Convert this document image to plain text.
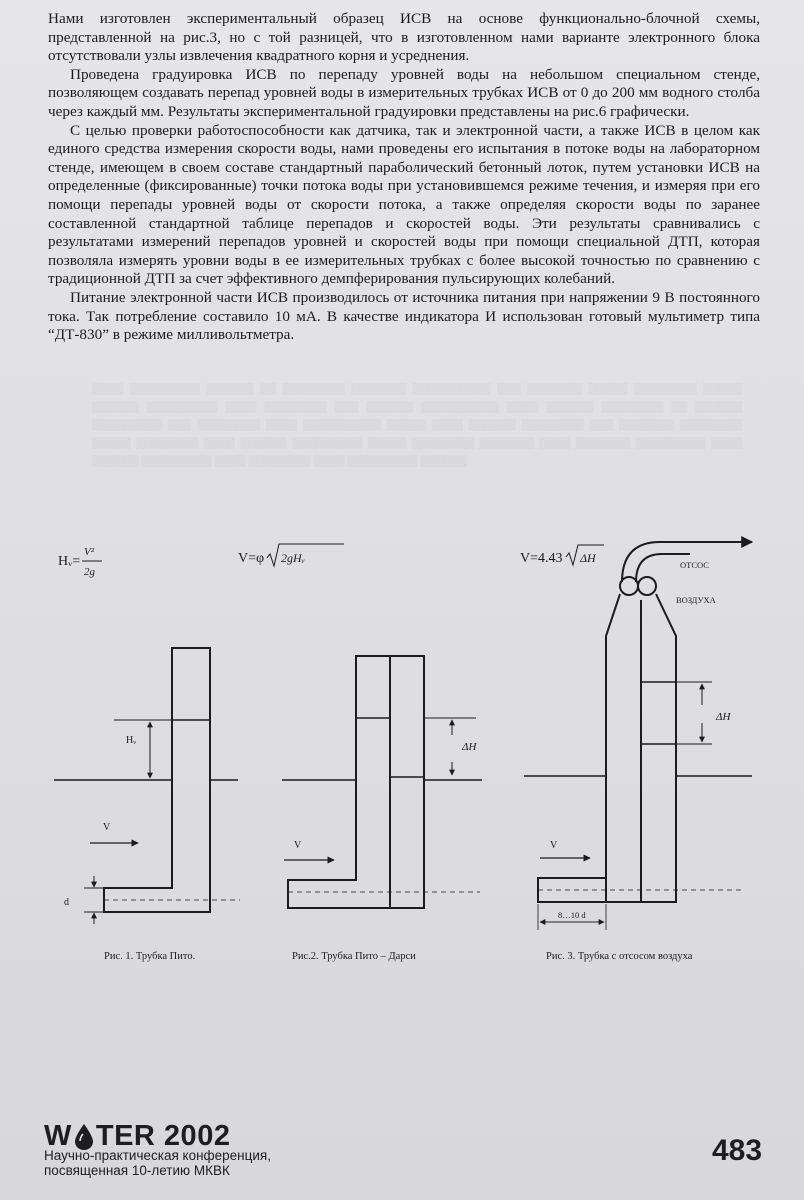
▒▒▒▒ ▒▒▒▒▒▒▒▒▒ ▒▒▒▒▒▒ ▒▒ ▒▒▒▒▒▒▒▒ ▒▒▒▒▒▒▒ ▒▒▒▒▒▒▒▒▒▒ ▒▒▒ ▒▒▒▒▒▒▒ ▒▒▒▒▒ ▒▒▒▒▒▒▒▒ ▒▒▒▒▒ ▒▒▒▒▒▒ ▒▒▒▒▒▒▒▒▒ ▒▒▒▒ ▒▒▒▒▒▒▒▒ ▒▒▒ ▒▒▒▒▒▒ ▒▒▒▒▒▒▒▒▒▒ ▒▒▒▒ ▒▒▒▒▒▒ ▒▒▒▒▒▒▒▒ ▒▒ ▒▒▒▒▒▒ ▒▒▒▒▒▒▒▒▒ ▒▒▒ ▒▒▒▒▒▒▒▒ ▒▒▒▒ ▒▒▒▒▒▒▒▒▒▒ ▒▒▒▒▒ ▒▒▒▒ ▒▒▒▒▒▒ ▒▒▒▒▒▒▒▒ ▒▒▒ ▒▒▒▒▒▒▒ ▒▒▒▒▒▒▒▒ ▒▒▒▒▒ ▒▒▒▒▒▒▒▒ ▒▒▒▒ ▒▒▒▒▒▒ ▒▒▒▒▒▒▒▒▒ ▒▒▒▒▒ ▒▒▒▒▒▒▒▒ ▒▒▒▒▒▒▒ ▒▒▒▒ ▒▒▒▒▒▒▒ ▒▒▒▒▒▒▒▒▒ ▒▒▒▒ ▒▒▒▒▒▒ ▒▒▒▒▒▒▒▒▒ ▒▒▒▒ ▒▒▒▒▒▒▒▒ ▒▒▒▒ ▒▒▒▒▒▒▒▒▒ ▒▒▒▒▒▒

Нами изготовлен экспериментальный образец ИСВ на основе функционально-блочной схемы, представленной на рис.3, но с той разницей, что в изготовленном нами варианте электронного блока отсутствовали узлы извлечения квадратного корня и усреднения.

Проведена градуировка ИСВ по перепаду уровней воды на небольшом специальном стенде, позволяющем создавать перепад уровней воды в измерительных трубках ИСВ от 0 до 200 мм водного столба через каждый мм. Результаты экспериментальной градуировки представлены на рис.6 графически.

С целью проверки работоспособности как датчика, так и электронной части, а также ИСВ в целом как единого средства измерения скорости воды, нами проведены его испытания в потоке воды на лабораторном стенде, имеющем в своем составе стандартный параболический бетонный лоток, путем установки ИСВ на определенные (фиксированные) точки потока воды при установившемся режиме течения, и измеряя при его помощи перепады уровней воды от скорости потока, а также определяя скорости воды по заранее составленной стандартной таблице перепадов и скоростей воды. Эти результаты сравнивались с результатами измерений перепадов уровней и скоростей воды при помощи специальной ДТП, которая позволяла измерять уровни воды в ее измерительных трубках с более высокой точностью по сравнению с традиционной ДТП за счет эффективного демпферирования пульсирующих колебаний.

Питание электронной части ИСВ производилось от источника питания при напряжении 9 В постоянного тока. Так потребление составило 10 мА. В качестве индикатора И использован готовый мультиметр типа “ДТ-830” в режиме милливольтметра.

Hᵥ=
V²
2g
Hᵥ
V
d
V=φ 2gHᵥ
ΔH
V
V=4.43 ΔH	ОТСОС
ВОЗДУХА
ΔH
V
8…10 d
Рис. 1. Трубка Пито.	Рис.2. Трубка Пито – Дарси	Рис. 3. Трубка с отсосом воздуха
W TER 2002
Научно-практическая конференция,
посвященная 10-летию МКВК
483
